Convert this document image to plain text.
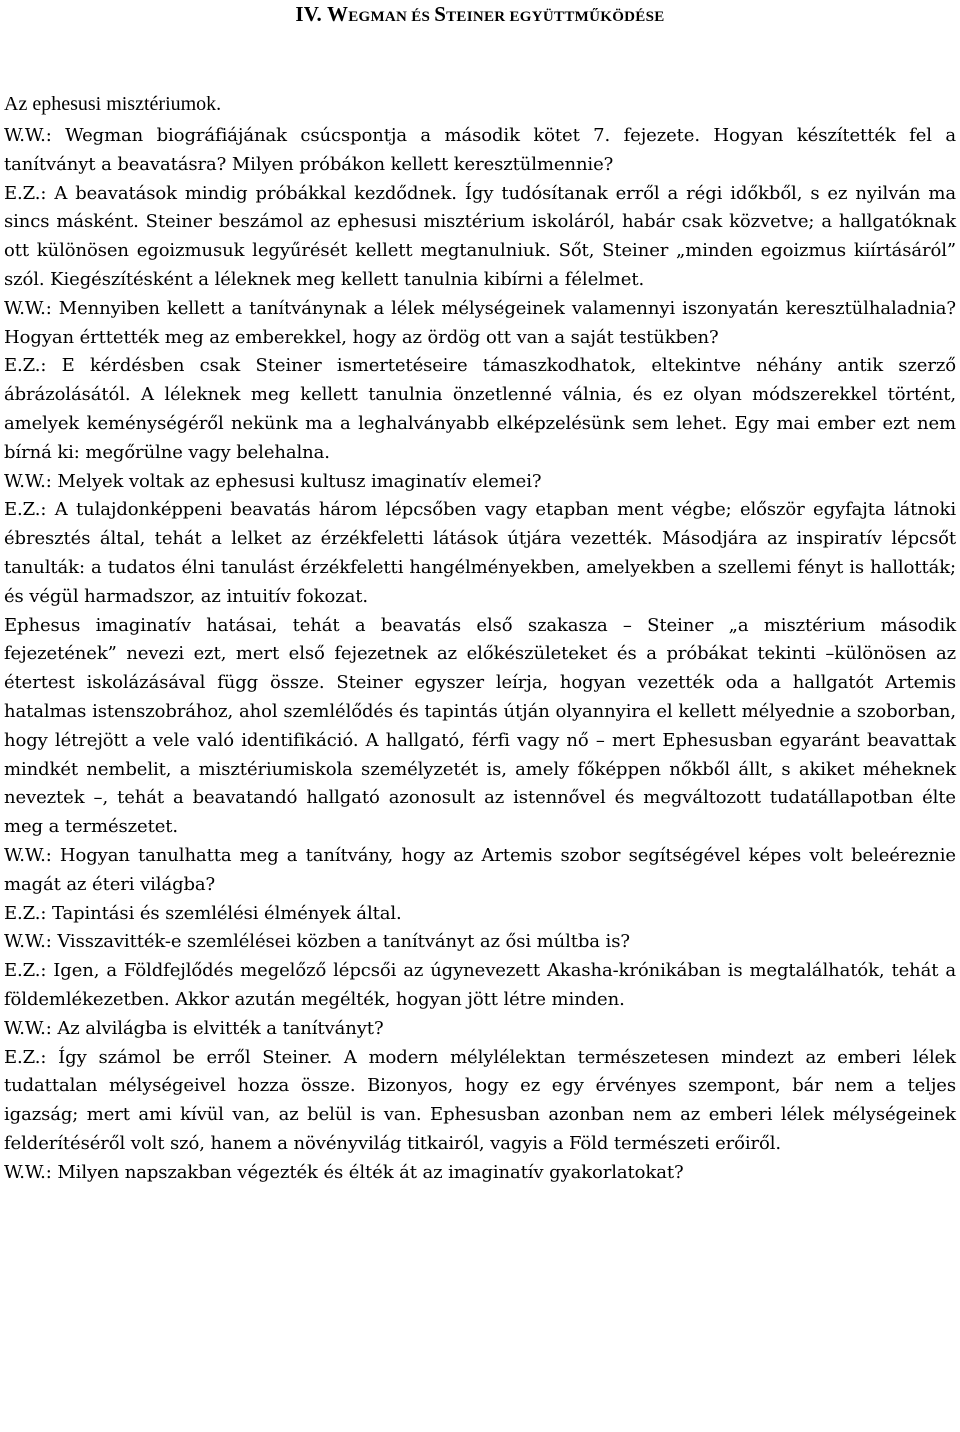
IV. WEGMAN ÉS STEINER EGYÜTTMŰKÖDÉSE

Az ephesusi misztériumok.

W.W.: Wegman biográfiájának csúcspontja a második kötet 7. fejezete. Hogyan készítették fel a tanítványt a beavatásra? Milyen próbákon kellett keresztülmennie?

E.Z.: A beavatások mindig próbákkal kezdődnek. Így tudósítanak erről a régi időkből, s ez nyilván ma sincs másként. Steiner beszámol az ephesusi misztérium iskoláról, habár csak közvetve; a hallgatóknak ott különösen egoizmusuk legyűrését kellett megtanulniuk. Sőt, Steiner „minden egoizmus kiírtásáról” szól. Kiegészítésként a léleknek meg kellett tanulnia kibírni a félelmet.

W.W.: Mennyiben kellett a tanítványnak a lélek mélységeinek valamennyi iszonyatán keresztülhaladnia? Hogyan érttették meg az emberekkel, hogy az ördög ott van a saját testükben?

E.Z.: E kérdésben csak Steiner ismertetéseire támaszkodhatok, eltekintve néhány antik szerző ábrázolásától. A léleknek meg kellett tanulnia önzetlenné válnia, és ez olyan módszerekkel történt, amelyek keménységéről nekünk ma a leghalványabb elképzelésünk sem lehet. Egy mai ember ezt nem bírná ki: megőrülne vagy belehalna.

W.W.: Melyek voltak az ephesusi kultusz imaginatív elemei?

E.Z.: A tulajdonképpeni beavatás három lépcsőben vagy etapban ment végbe; először egyfajta látnoki ébresztés által, tehát a lelket az érzékfeletti látások útjára vezették. Másodjára az inspiratív lépcsőt tanulták: a tudatos élni tanulást érzékfeletti hangélményekben, amelyekben a szellemi fényt is hallották; és végül harmadszor, az intuitív fokozat.

Ephesus imaginatív hatásai, tehát a beavatás első szakasza – Steiner „a misztérium második fejezetének” nevezi ezt, mert első fejezetnek az előkészületeket és a próbákat tekinti –különösen az étertest iskolázásával függ össze. Steiner egyszer leírja, hogyan vezették oda a hallgatót Artemis hatalmas istenszobrához, ahol szemlélődés és tapintás útján olyannyira el kellett mélyednie a szoborban, hogy létrejött a vele való identifikáció. A hallgató, férfi vagy nő – mert Ephesusban egyaránt beavattak mindkét nembelit, a misztériumiskola személyzetét is, amely főképpen nőkből állt, s akiket méheknek neveztek –, tehát a beavatandó hallgató azonosult az istennővel és megváltozott tudatállapotban élte meg a természetet.

W.W.: Hogyan tanulhatta meg a tanítvány, hogy az Artemis szobor segítségével képes volt beleéreznie magát az éteri világba?

E.Z.: Tapintási és szemlélési élmények által.

W.W.: Visszavitték-e szemlélései közben a tanítványt az ősi múltba is?

E.Z.: Igen, a Földfejlődés megelőző lépcsői az úgynevezett Akasha-krónikában is megtalálhatók, tehát a földemlékezetben. Akkor azután megélték, hogyan jött létre minden.

W.W.: Az alvilágba is elvitték a tanítványt?

E.Z.: Így számol be erről Steiner. A modern mélylélektan természetesen mindezt az emberi lélek tudattalan mélységeivel hozza össze. Bizonyos, hogy ez egy érvényes szempont, bár nem a teljes igazság; mert ami kívül van, az belül is van. Ephesusban azonban nem az emberi lélek mélységeinek felderítéséről volt szó, hanem a növényvilág titkairól, vagyis a Föld természeti erőiről.

W.W.: Milyen napszakban végezték és élték át az imaginatív gyakorlatokat?
